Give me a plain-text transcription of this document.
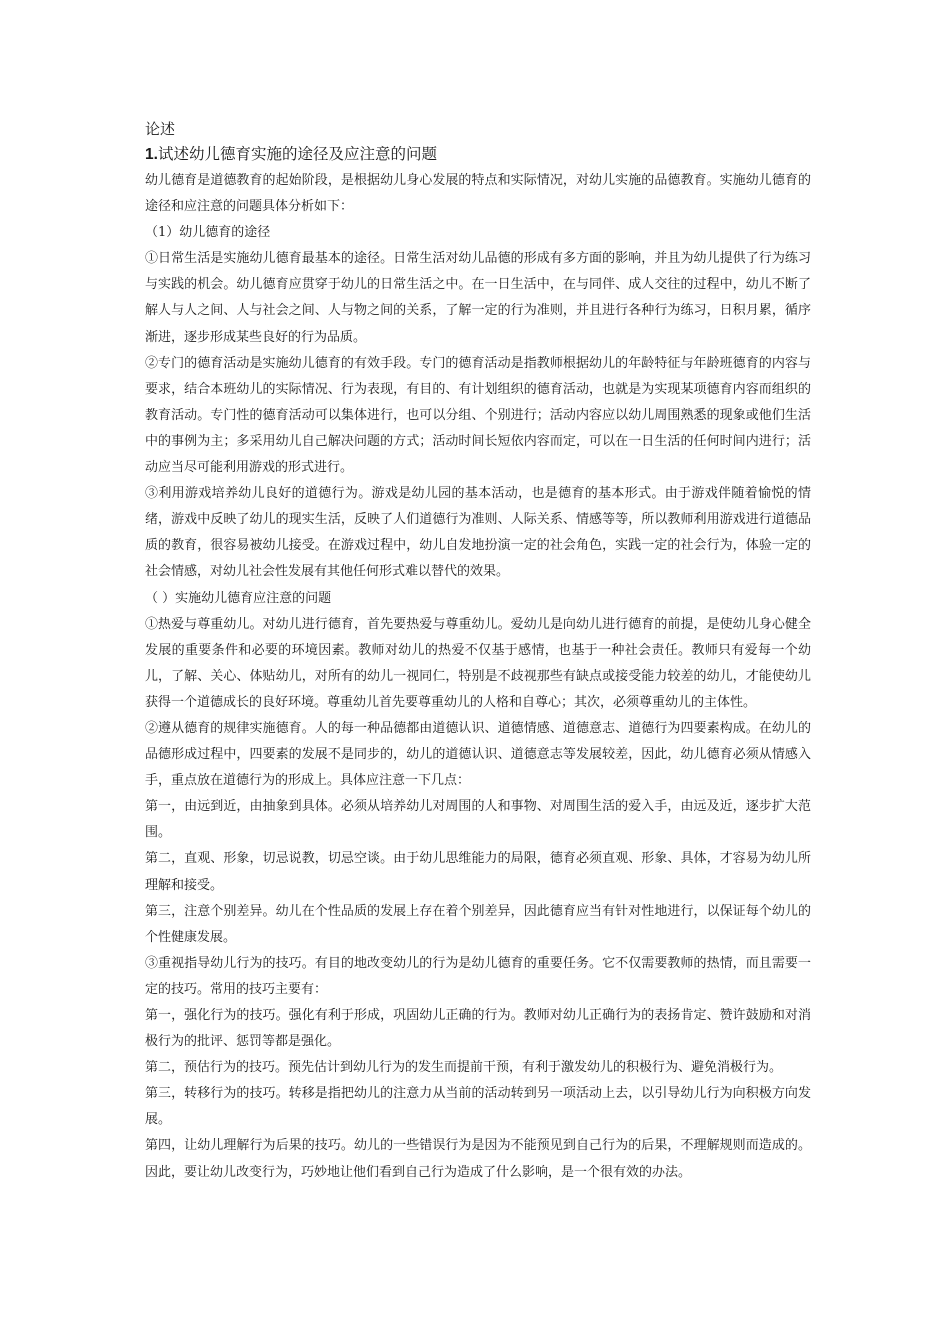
论述

1.试述幼儿德育实施的途径及应注意的问题

幼儿德育是道德教育的起始阶段，是根据幼儿身心发展的特点和实际情况，对幼儿实施的品德教育。实施幼儿德育的途径和应注意的问题具体分析如下：

（1）幼儿德育的途径

①日常生活是实施幼儿德育最基本的途径。日常生活对幼儿品德的形成有多方面的影响，并且为幼儿提供了行为练习与实践的机会。幼儿德育应贯穿于幼儿的日常生活之中。在一日生活中，在与同伴、成人交往的过程中，幼儿不断了解人与人之间、人与社会之间、人与物之间的关系，了解一定的行为准则，并且进行各种行为练习，日积月累，循序渐进，逐步形成某些良好的行为品质。

②专门的德育活动是实施幼儿德育的有效手段。专门的德育活动是指教师根据幼儿的年龄特征与年龄班德育的内容与要求，结合本班幼儿的实际情况、行为表现，有目的、有计划组织的德育活动，也就是为实现某项德育内容而组织的教育活动。专门性的德育活动可以集体进行，也可以分组、个别进行；活动内容应以幼儿周围熟悉的现象或他们生活中的事例为主；多采用幼儿自己解决问题的方式；活动时间长短依内容而定，可以在一日生活的任何时间内进行；活动应当尽可能利用游戏的形式进行。

③利用游戏培养幼儿良好的道德行为。游戏是幼儿园的基本活动，也是德育的基本形式。由于游戏伴随着愉悦的情绪，游戏中反映了幼儿的现实生活，反映了人们道德行为准则、人际关系、情感等等，所以教师利用游戏进行道德品质的教育，很容易被幼儿接受。在游戏过程中，幼儿自发地扮演一定的社会角色，实践一定的社会行为，体验一定的社会情感，对幼儿社会性发展有其他任何形式难以替代的效果。

（ ）实施幼儿德育应注意的问题

①热爱与尊重幼儿。对幼儿进行德育，首先要热爱与尊重幼儿。爱幼儿是向幼儿进行德育的前提，是使幼儿身心健全发展的重要条件和必要的环境因素。教师对幼儿的热爱不仅基于感情，也基于一种社会责任。教师只有爱每一个幼儿，了解、关心、体贴幼儿，对所有的幼儿一视同仁，特别是不歧视那些有缺点或接受能力较差的幼儿，才能使幼儿获得一个道德成长的良好环境。尊重幼儿首先要尊重幼儿的人格和自尊心；其次，必须尊重幼儿的主体性。

②遵从德育的规律实施德育。人的每一种品德都由道德认识、道德情感、道德意志、道德行为四要素构成。在幼儿的品德形成过程中，四要素的发展不是同步的，幼儿的道德认识、道德意志等发展较差，因此，幼儿德育必须从情感入手，重点放在道德行为的形成上。具体应注意一下几点：

第一，由远到近，由抽象到具体。必须从培养幼儿对周围的人和事物、对周围生活的爱入手，由远及近，逐步扩大范围。

第二，直观、形象，切忌说教，切忌空谈。由于幼儿思维能力的局限，德育必须直观、形象、具体，才容易为幼儿所理解和接受。

第三，注意个别差异。幼儿在个性品质的发展上存在着个别差异，因此德育应当有针对性地进行，以保证每个幼儿的个性健康发展。

③重视指导幼儿行为的技巧。有目的地改变幼儿的行为是幼儿德育的重要任务。它不仅需要教师的热情，而且需要一定的技巧。常用的技巧主要有：

第一，强化行为的技巧。强化有利于形成，巩固幼儿正确的行为。教师对幼儿正确行为的表扬肯定、赞许鼓励和对消极行为的批评、惩罚等都是强化。

第二，预估行为的技巧。预先估计到幼儿行为的发生而提前干预，有利于激发幼儿的积极行为、避免消极行为。

第三，转移行为的技巧。转移是指把幼儿的注意力从当前的活动转到另一项活动上去，以引导幼儿行为向积极方向发展。

第四，让幼儿理解行为后果的技巧。幼儿的一些错误行为是因为不能预见到自己行为的后果，不理解规则而造成的。因此，要让幼儿改变行为，巧妙地让他们看到自己行为造成了什么影响，是一个很有效的办法。
